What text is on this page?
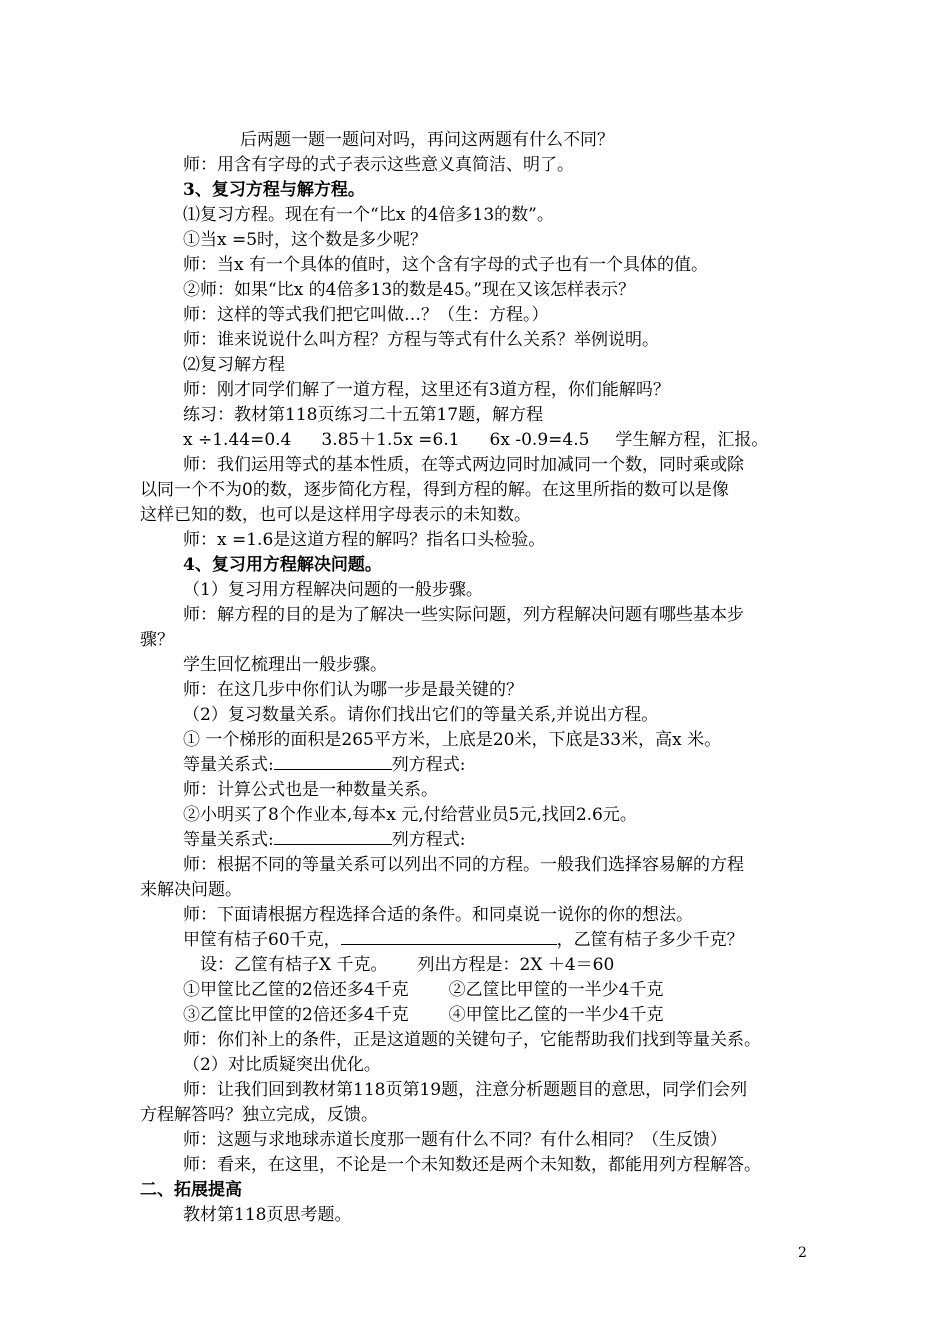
后两题一题一题问对吗，再问这两题有什么不同？
师：用含有字母的式子表示这些意义真简洁、明了。
3、复习方程与解方程。
⑴复习方程。现在有一个“比x 的4倍多13的数”。
①当x =5时，这个数是多少呢？
师：当x 有一个具体的值时，这个含有字母的式子也有一个具体的值。
②师：如果“比x 的4倍多13的数是45。”现在又该怎样表示？
师：这样的等式我们把它叫做…？（生：方程。）
师：谁来说说什么叫方程？方程与等式有什么关系？举例说明。
⑵复习解方程
师：刚才同学们解了一道方程，这里还有3道方程，你们能解吗？
练习：教材第118页练习二十五第17题，解方程
x ÷1.44=0.4 3.85＋1.5x =6.1 6x -0.9=4.5 学生解方程，汇报。
师：我们运用等式的基本性质，在等式两边同时加减同一个数，同时乘或除
以同一个不为0的数，逐步简化方程，得到方程的解。在这里所指的数可以是像
这样已知的数，也可以是这样用字母表示的未知数。
师：x =1.6是这道方程的解吗？指名口头检验。
4、复习用方程解决问题。
（1）复习用方程解决问题的一般步骤。
师：解方程的目的是为了解决一些实际问题，列方程解决问题有哪些基本步
骤？
学生回忆梳理出一般步骤。
师：在这几步中你们认为哪一步是最关键的？
（2）复习数量关系。请你们找出它们的等量关系,并说出方程。
① 一个梯形的面积是265平方米，上底是20米，下底是33米，高x 米。
等量关系式:	列方程式:
师：计算公式也是一种数量关系。
②小明买了8个作业本,每本x 元,付给营业员5元,找回2.6元。
等量关系式:	列方程式:
师：根据不同的等量关系可以列出不同的方程。一般我们选择容易解的方程
来解决问题。
师：下面请根据方程选择合适的条件。和同桌说一说你的你的想法。
甲筐有桔子60千克，	，乙筐有桔子多少千克？
设：乙筐有桔子X 千克。 列出方程是：2X ＋4＝60
①甲筐比乙筐的2倍还多4千克 ②乙筐比甲筐的一半少4千克
③乙筐比甲筐的2倍还多4千克 ④甲筐比乙筐的一半少4千克
师：你们补上的条件，正是这道题的关键句子，它能帮助我们找到等量关系。
（2）对比质疑突出优化。
师：让我们回到教材第118页第19题，注意分析题题目的意思，同学们会列
方程解答吗？独立完成，反馈。
师：这题与求地球赤道长度那一题有什么不同？有什么相同？（生反馈）
师：看来，在这里，不论是一个未知数还是两个未知数，都能用列方程解答。
二、拓展提高
教材第118页思考题。
2
